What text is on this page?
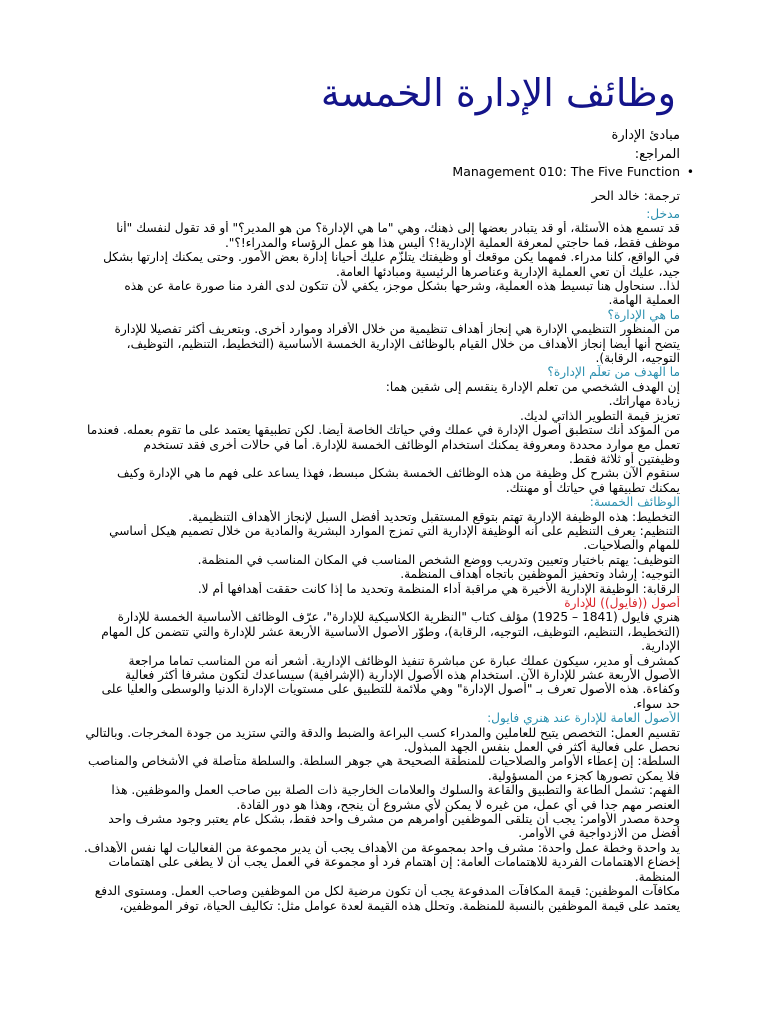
وظائف الإدارة الخمسة
مبادئ الإدارة
المراجع:
•
Management 010: The Five Function
ترجمة: خالد الحر
مدخل:
قد تسمع هذه الأسئلة، أو قد يتبادر بعضها إلى ذهنك، وهي "ما هي الإدارة؟ من هو المدير؟" أو قد تقول لنفسك "أنا
موظف فقط، فما حاجتي لمعرفة العملية الإدارية!؟ أليس هذا هو عمل الرؤساء والمدراء!؟".
في الواقع، كلنا مدراء. فمهما يكن موقعك أو وظيفتك يتلزّم عليك أحيانا إدارة بعض الأمور. وحتى يمكنك إدارتها بشكل
جيد، عليك أن تعي العملية الإدارية وعناصرها الرئيسية ومبادئها العامة.
لذا.. سنحاول هنا تبسيط هذه العملية، وشرحها بشكل موجز، يكفي لأن تتكون لدى الفرد منا صورة عامة عن هذه
العملية الهامة.
ما هي الإدارة؟
من المنظور التنظيمي الإدارة هي إنجاز أهداف تنظيمية من خلال الأفراد وموارد أخرى. وبتعريف أكثر تفصيلا للإدارة
يتضح أنها أيضا إنجاز الأهداف من خلال القيام بالوظائف الإدارية الخمسة الأساسية (التخطيط، التنظيم، التوظيف،
التوجيه، الرقابة).
ما الهدف من تعلّم الإدارة؟
إن الهدف الشخصي من تعلم الإدارة ينقسم إلى شقين هما:
زيادة مهاراتك.
تعزيز قيمة التطوير الذاتي لديك.
من المؤكد أنك ستطبق أصول الإدارة في عملك وفي حياتك الخاصة أيضا. لكن تطبيقها يعتمد على ما تقوم بعمله. فعندما
تعمل مع موارد محددة ومعروفة يمكنك استخدام الوظائف الخمسة للإدارة. أما في حالات أخرى فقد تستخدم
وظيفتين أو ثلاثة فقط.
سنقوم الآن بشرح كل وظيفة من هذه الوظائف الخمسة بشكل مبسط، فهذا يساعد على فهم ما هي الإدارة وكيف
يمكنك تطبيقها في حياتك أو مهنتك.
الوظائف الخمسة:
التخطيط: هذه الوظيفة الإدارية تهتم بتوقع المستقبل وتحديد أفضل السبل لإنجاز الأهداف التنظيمية.
التنظيم: يعرف التنظيم على أنه الوظيفة الإدارية التي تمزج الموارد البشرية والمادية من خلال تصميم هيكل أساسي
للمهام والصلاحيات.
التوظيف: يهتم باختيار وتعيين وتدريب ووضع الشخص المناسب في المكان المناسب في المنظمة.
التوجيه: إرشاد وتحفيز الموظفين باتجاه أهداف المنظمة.
الرقابة: الوظيفة الإدارية الأخيرة هي مراقبة أداء المنظمة وتحديد ما إذا كانت حققت أهدافها أم لا.
أصول ((فايول)) للإدارة
هنري فايول (1841 – 1925) مؤلف كتاب "النظرية الكلاسيكية للإدارة"، عرّف الوظائف الأساسية الخمسة للإدارة
(التخطيط، التنظيم، التوظيف، التوجيه، الرقابة)، وطوّر الأصول الأساسية الأربعة عشر للإدارة والتي تتضمن كل المهام
الإدارية.
كمشرف أو مدير، سيكون عملك عبارة عن مباشرة تنفيذ الوظائف الإدارية. أشعر أنه من المناسب تماما مراجعة
الأصول الأربعة عشر للإدارة الآن. استخدام هذه الأصول الإدارية (الإشرافية) سيساعدك لتكون مشرفا أكثر فعالية
وكفاءة. هذه الأصول تعرف بـ "أصول الإدارة" وهي ملائمة للتطبيق على مستويات الإدارة الدنيا والوسطى والعليا على
حد سواء.
الأصول العامة للإدارة عند هنري فايول:
تقسيم العمل: التخصص يتيح للعاملين والمدراء كسب البراعة والضبط والدقة والتي ستزيد من جودة المخرجات. وبالتالي
نحصل على فعالية أكثر في العمل بنفس الجهد المبذول.
السلطة: إن إعطاء الأوامر والصلاحيات للمنطقة الصحيحة هي جوهر السلطة. والسلطة متأصلة في الأشخاص والمناصب
فلا يمكن تصورها كجزء من المسؤولية.
الفهم: تشمل الطاعة والتطبيق والقاعة والسلوك والعلامات الخارجية ذات الصلة بين صاحب العمل والموظفين. هذا
العنصر مهم جدا في أي عمل، من غيره لا يمكن لأي مشروع أن ينجح، وهذا هو دور القادة.
وحدة مصدر الأوامر: يجب أن يتلقى الموظفين أوامرهم من مشرف واحد فقط، بشكل عام يعتبر وجود مشرف واحد
أفضل من الازدواجية في الأوامر.
يد واحدة وخطة عمل واحدة: مشرف واحد بمجموعة من الأهداف يجب أن يدير مجموعة من الفعاليات لها نفس الأهداف.
إخضاع الاهتمامات الفردية للاهتمامات العامة: إن اهتمام فرد أو مجموعة في العمل يجب أن لا يطغى على اهتمامات
المنظمة.
مكافآت الموظفين: قيمة المكافآت المدفوعة يجب أن تكون مرضية لكل من الموظفين وصاحب العمل. ومستوى الدفع
يعتمد على قيمة الموظفين بالنسبة للمنظمة. وتحلل هذه القيمة لعدة عوامل مثل: تكاليف الحياة، توفر الموظفين،
